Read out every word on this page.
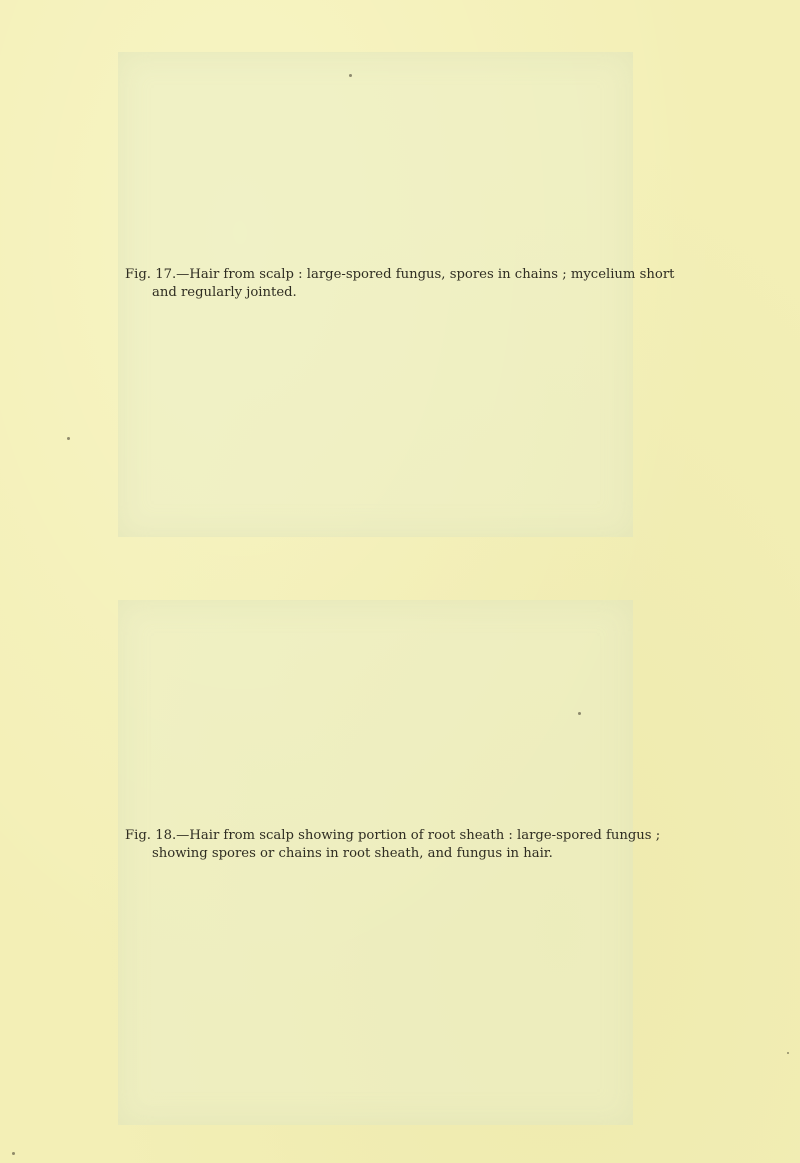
Fig. 17.—Hair from scalp : large-spored fungus, spores in chains ; mycelium short and regularly jointed.
Fig. 18.—Hair from scalp showing portion of root sheath : large-spored fungus ; showing spores or chains in root sheath, and fungus in hair.
